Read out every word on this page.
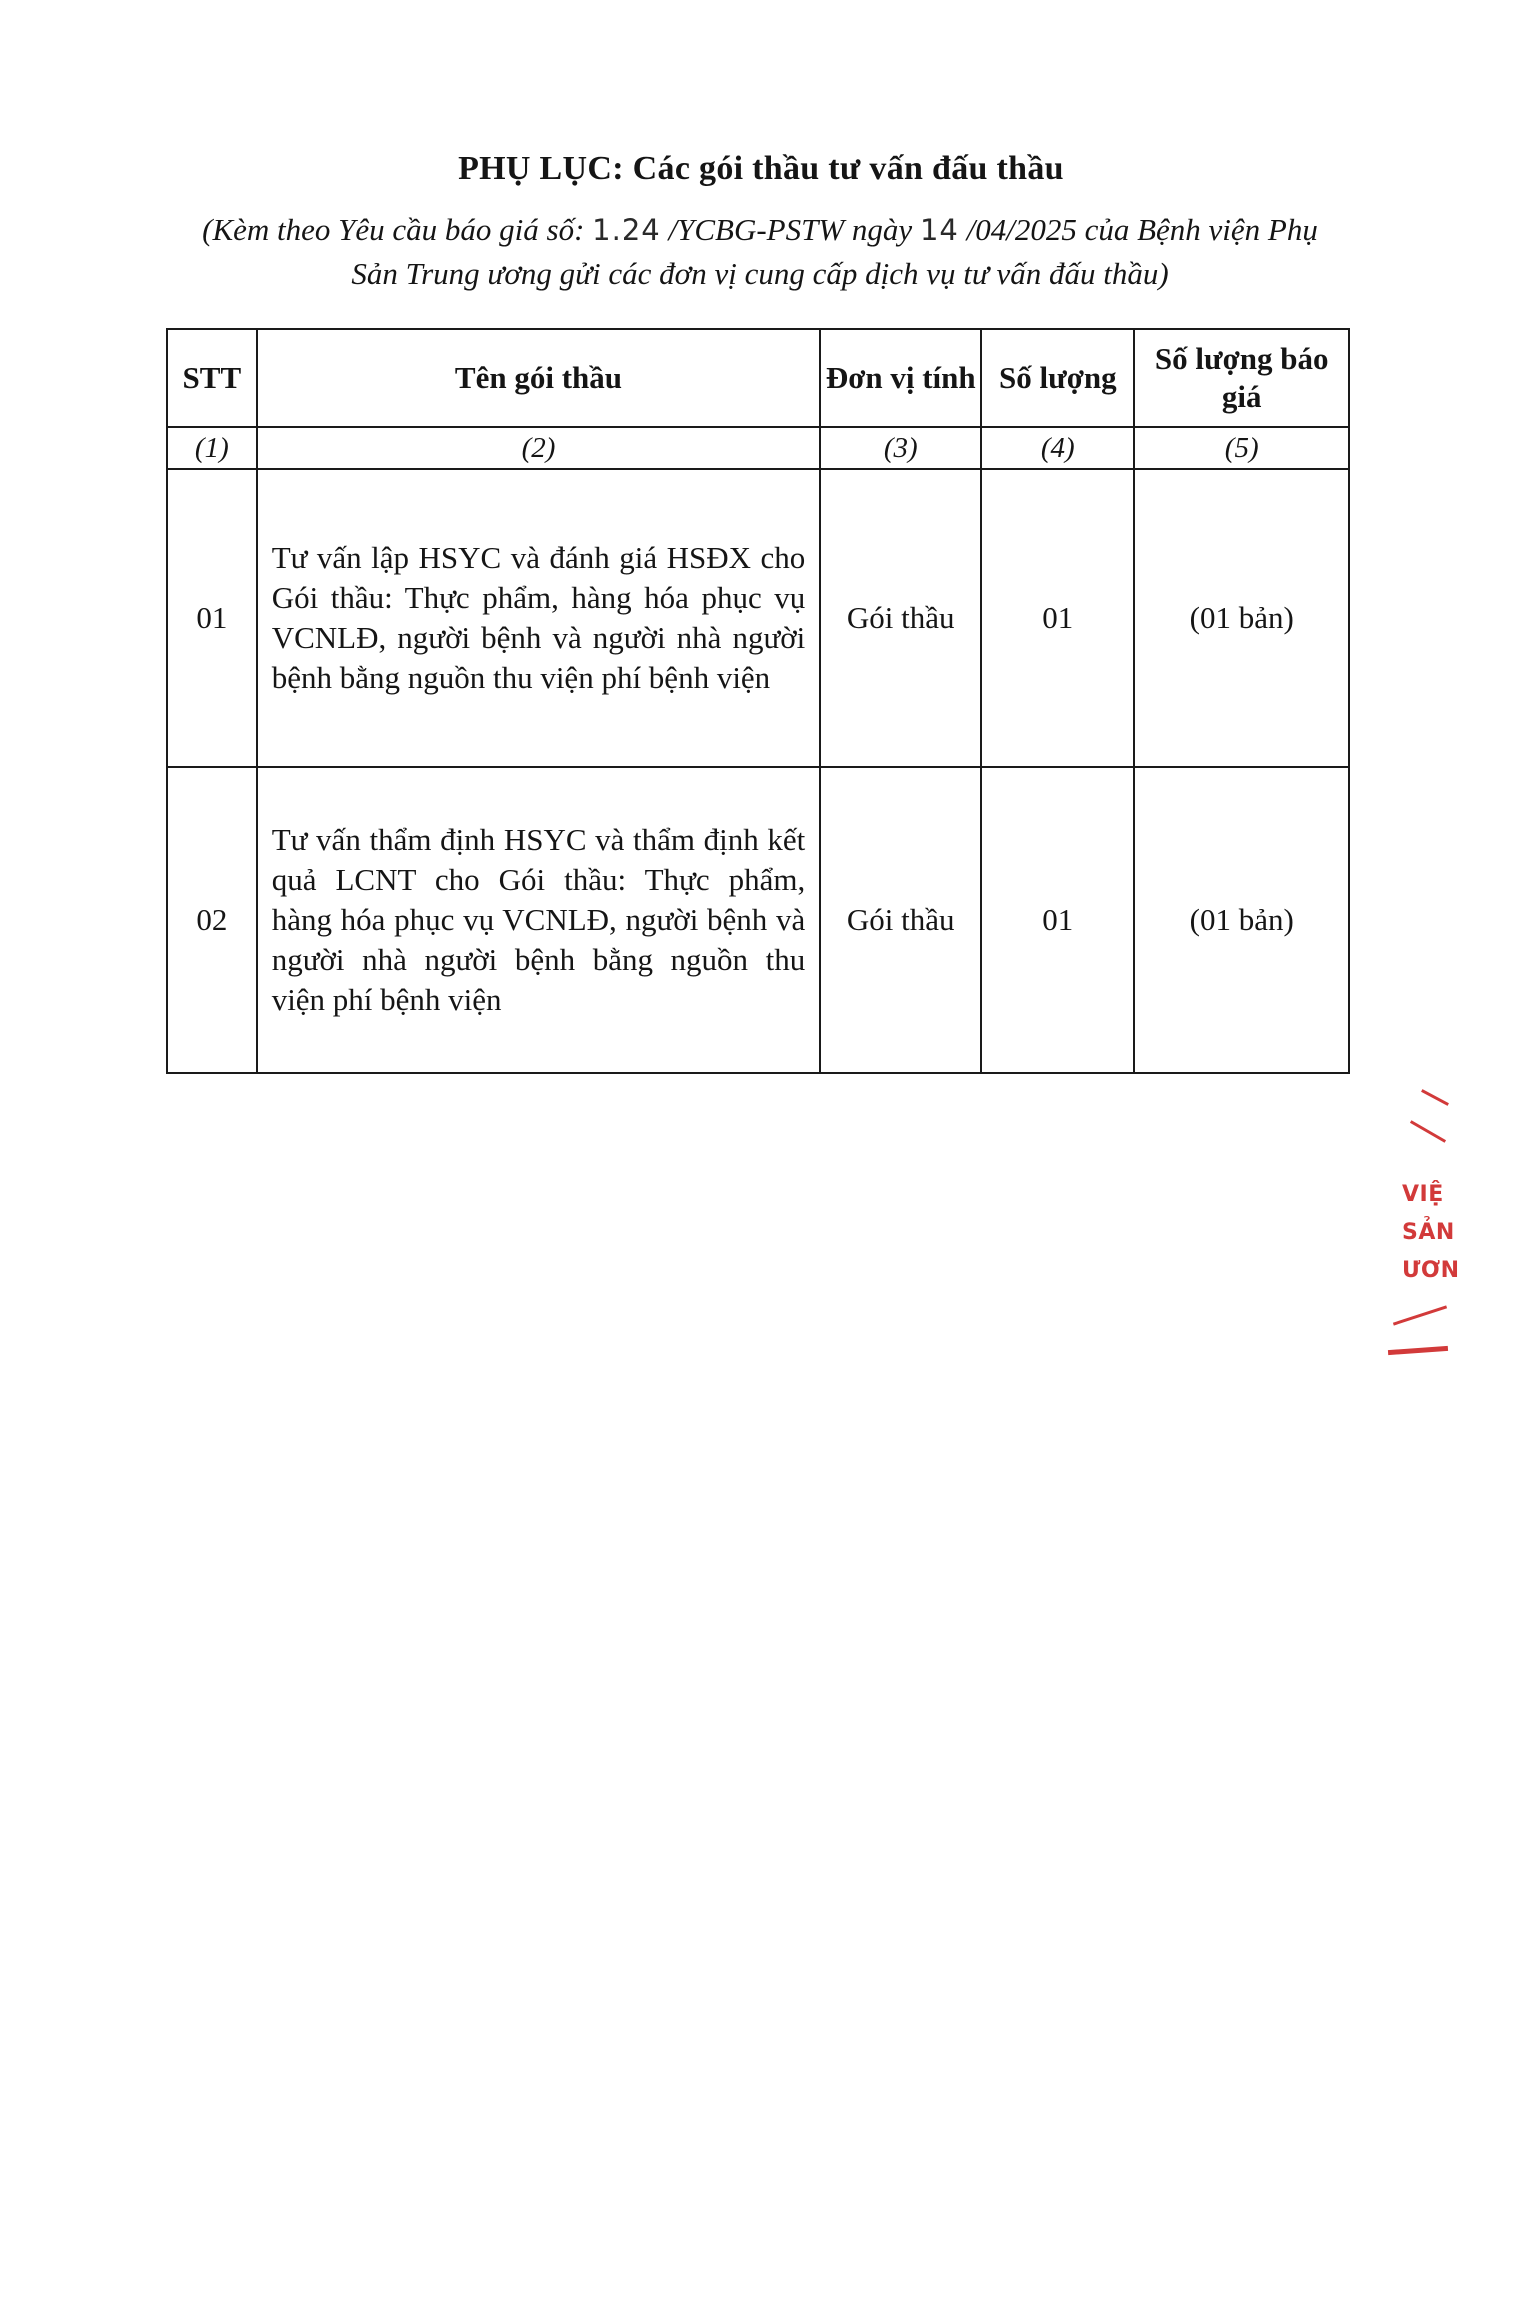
PHỤ LỤC: Các gói thầu tư vấn đấu thầu
(Kèm theo Yêu cầu báo giá số: 1.24 /YCBG-PSTW ngày 14 /04/2025 của Bệnh viện Phụ Sản Trung ương gửi các đơn vị cung cấp dịch vụ tư vấn đấu thầu)
STT	Tên gói thầu	Đơn vị tính	Số lượng	Số lượng báo giá
(1)	(2)	(3)	(4)	(5)
01	Tư vấn lập HSYC và đánh giá HSĐX cho Gói thầu: Thực phẩm, hàng hóa phục vụ VCNLĐ, người bệnh và người nhà người bệnh bằng nguồn thu viện phí bệnh viện	Gói thầu	01	(01 bản)
02	Tư vấn thẩm định HSYC và thẩm định kết quả LCNT cho Gói thầu: Thực phẩm, hàng hóa phục vụ VCNLĐ, người bệnh và người nhà người bệnh bằng nguồn thu viện phí bệnh viện	Gói thầu	01	(01 bản)
VIỆ
SẢN
ƯƠN
